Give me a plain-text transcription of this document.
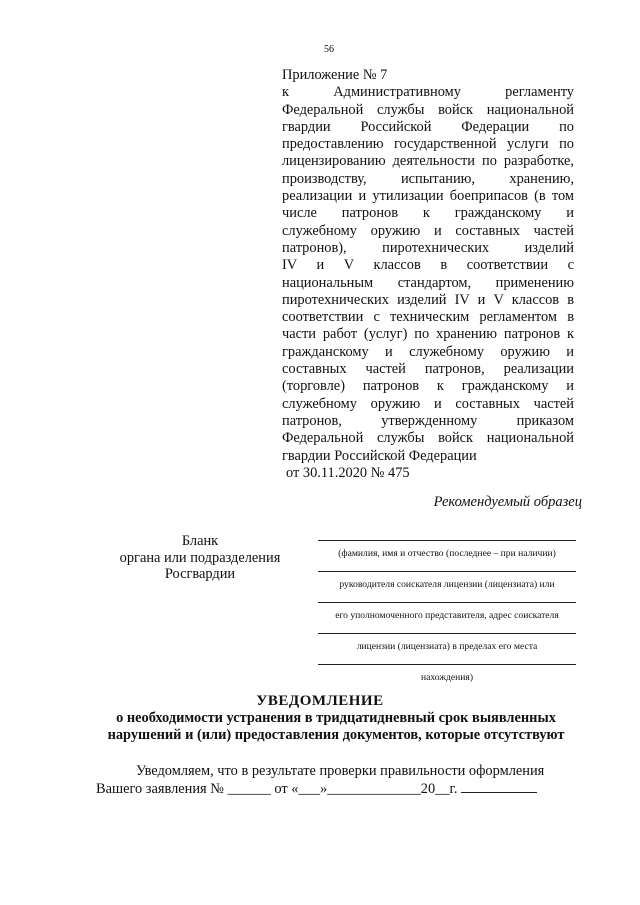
56
Приложение № 7
к Административному регламенту
Федеральной службы войск национальной
гвардии Российской Федерации по
предоставлению государственной услуги по
лицензированию деятельности по разработке,
производству, испытанию, хранению,
реализации и утилизации боеприпасов (в том
числе патронов к гражданскому и
служебному оружию и составных частей
патронов), пиротехнических изделий
IV и V классов в соответствии с
национальным стандартом, применению
пиротехнических изделий IV и V классов в
соответствии с техническим регламентом в
части работ (услуг) по хранению патронов к
гражданскому и служебному оружию и
составных частей патронов, реализации
(торговле) патронов к гражданскому и
служебному оружию и составных частей
патронов, утвержденному приказом
Федеральной службы войск национальной
гвардии Российской Федерации
от 30.11.2020 № 475
Рекомендуемый образец
Бланк
органа или подразделения
Росгвардии
(фамилия, имя и отчество (последнее – при наличии)
руководителя соискателя лицензии (лицензиата) или
его уполномоченного представителя, адрес соискателя
лицензии (лицензиата) в пределах его места
нахождения)
УВЕДОМЛЕНИЕ
о необходимости устранения в тридцатидневный срок выявленных
нарушений и (или) предоставления документов, которые отсутствуют
Уведомляем, что в результате проверки правильности оформления
Вашего заявления № ______ от «___»_____________20__г.
